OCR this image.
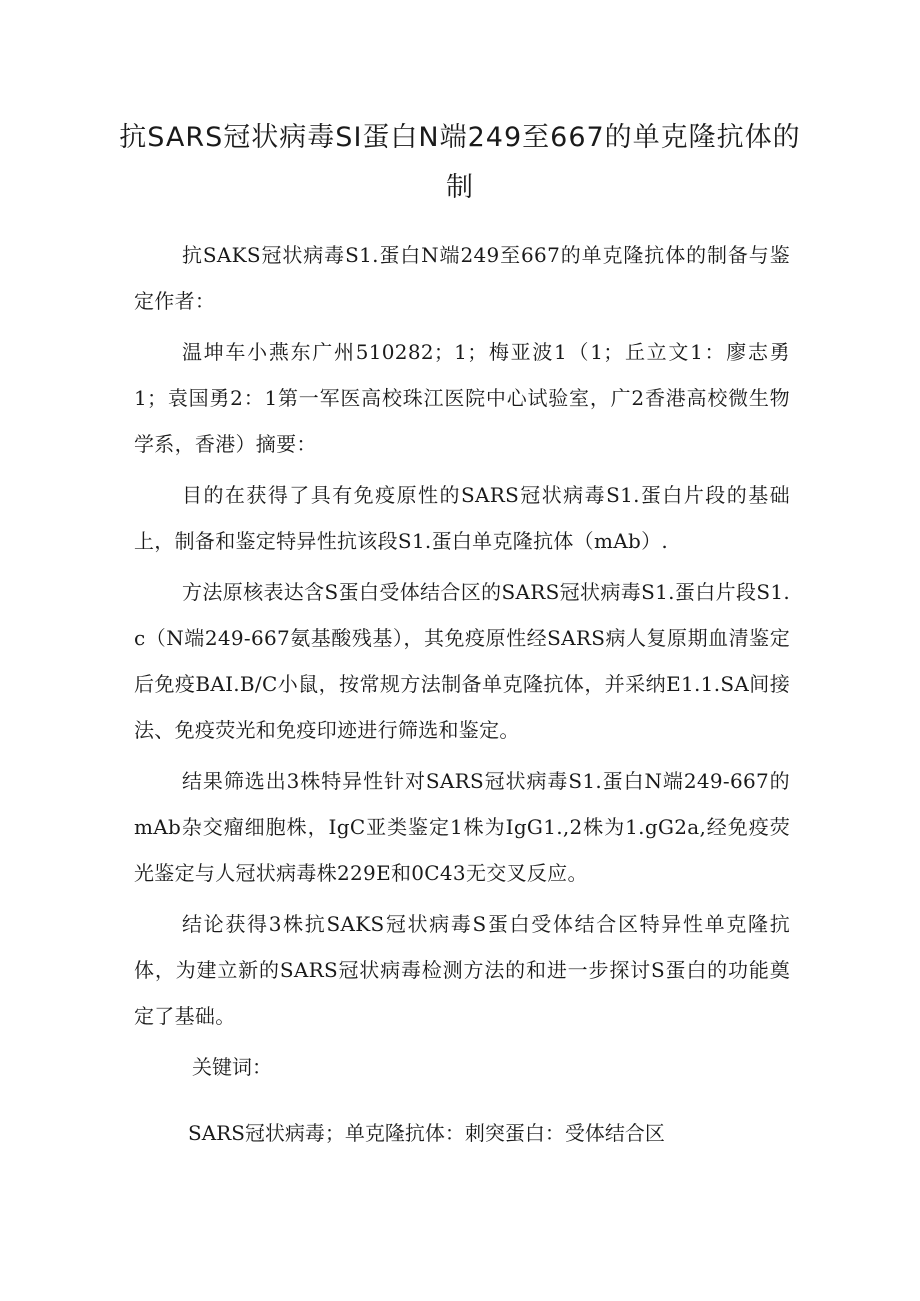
抗SARS冠状病毒SI蛋白N端249至667的单克隆抗体的制

抗SAKS冠状病毒S1.蛋白N端249至667的单克隆抗体的制备与鉴定作者：

温坤车小燕东广州510282；1；梅亚波1（1；丘立文1：廖志勇1；袁国勇2：1第一军医高校珠江医院中心试验室，广2香港高校微生物学系，香港）摘要：

目的在获得了具有免疫原性的SARS冠状病毒S1.蛋白片段的基础上，制备和鉴定特异性抗该段S1.蛋白单克隆抗体（mAb）.

方法原核表达含S蛋白受体结合区的SARS冠状病毒S1.蛋白片段S1.c（N端249-667氨基酸残基），其免疫原性经SARS病人复原期血清鉴定后免疫BAI.B/C小鼠，按常规方法制备单克隆抗体，并采纳E1.1.SA间接法、免疫荧光和免疫印迹进行筛选和鉴定。

结果筛选出3株特异性针对SARS冠状病毒S1.蛋白N端249-667的mAb杂交瘤细胞株，IgC亚类鉴定1株为IgG1.,2株为1.gG2a,经免疫荧光鉴定与人冠状病毒株229E和0C43无交叉反应。

结论获得3株抗SAKS冠状病毒S蛋白受体结合区特异性单克隆抗体，为建立新的SARS冠状病毒检测方法的和进一步探讨S蛋白的功能奠定了基础。

关键词：

SARS冠状病毒；单克隆抗体：刺突蛋白：受体结合区
